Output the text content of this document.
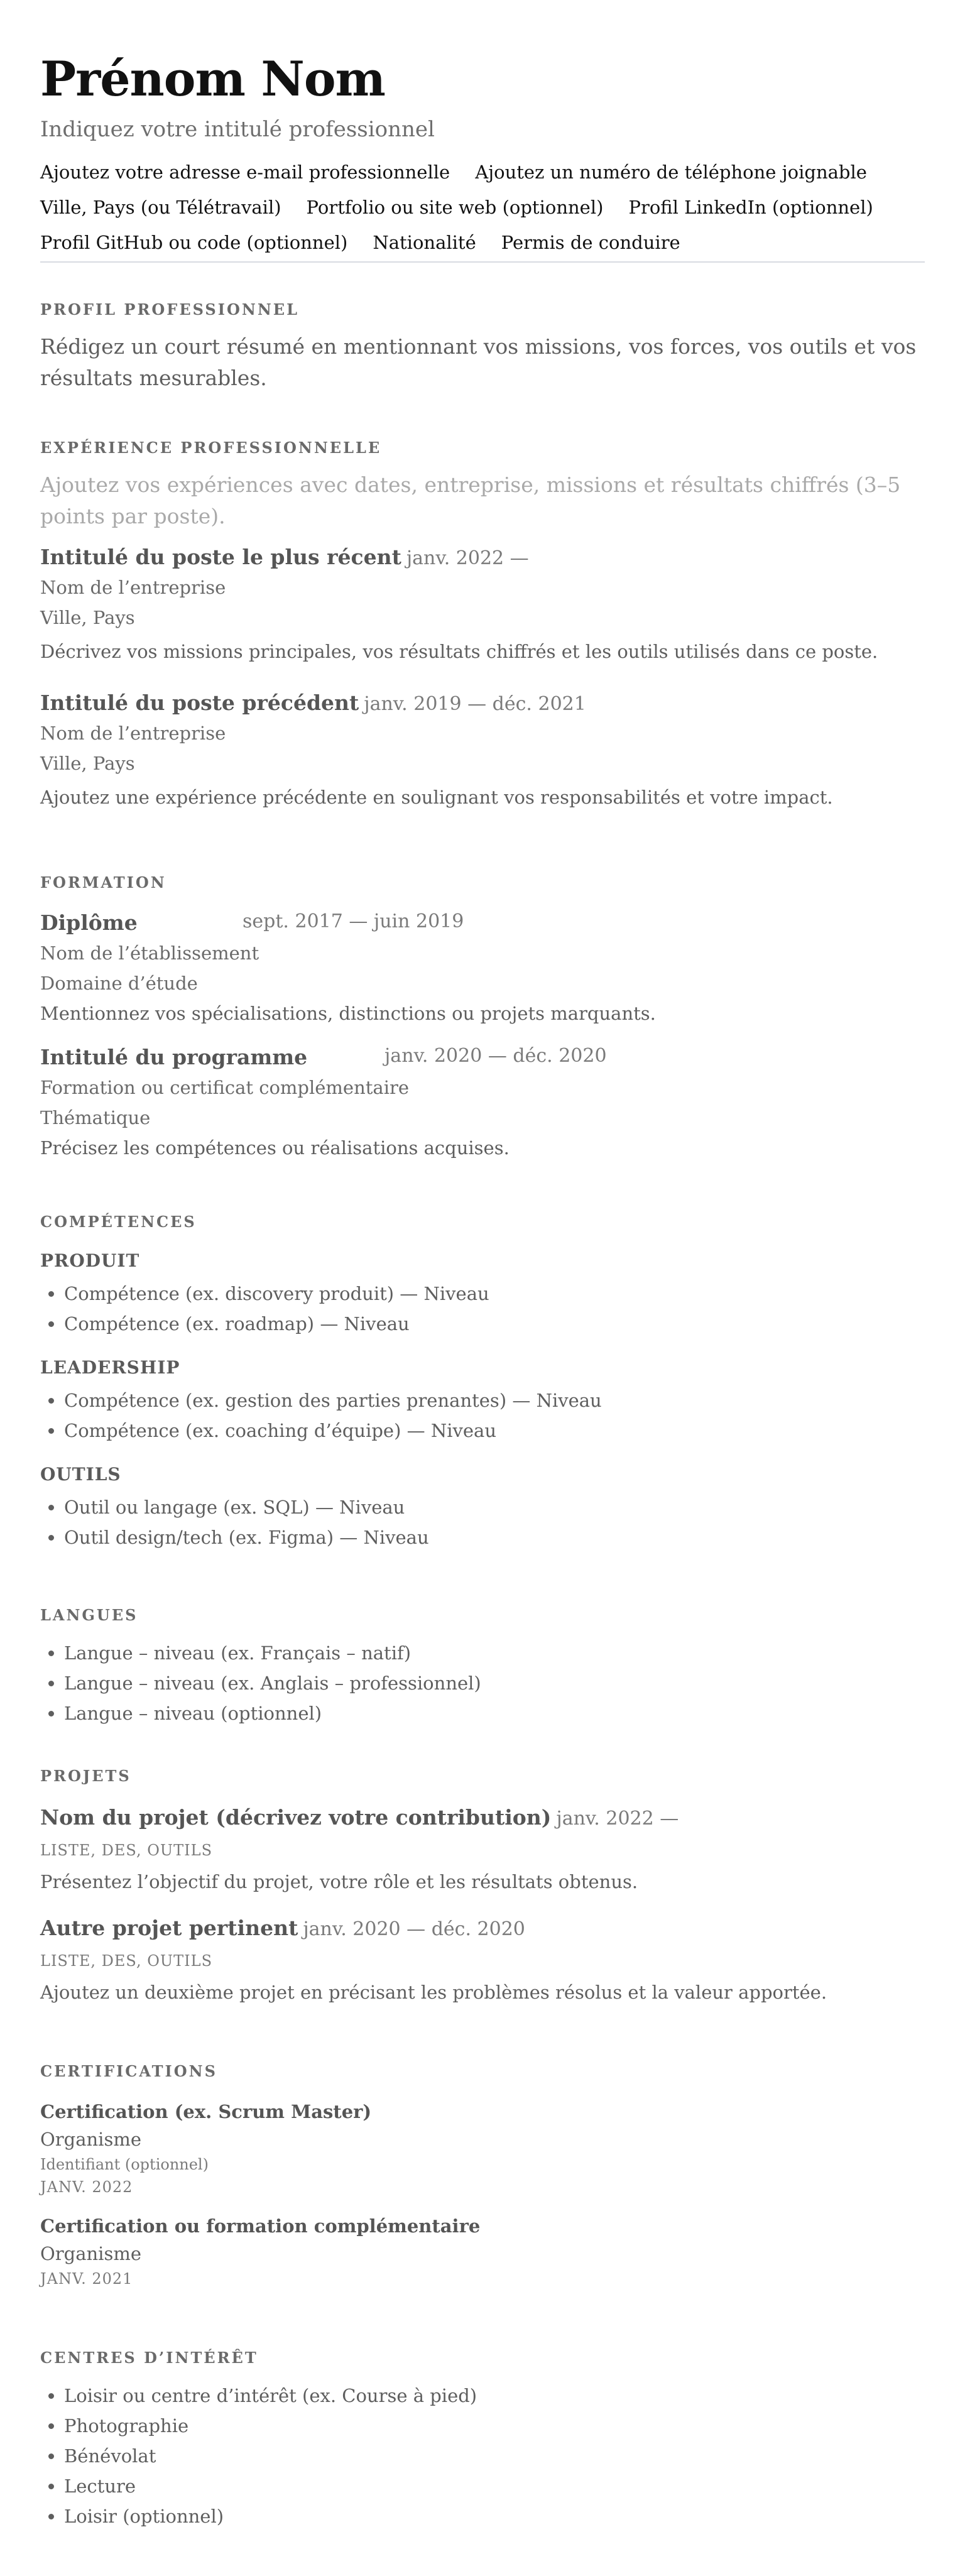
Prénom Nom
Indiquez votre intitulé professionnel
Ajoutez votre adresse e-mail professionnelle Ajoutez un numéro de téléphone joignable
Ville, Pays (ou Télétravail) Portfolio ou site web (optionnel) Profil LinkedIn (optionnel)
Profil GitHub ou code (optionnel) Nationalité Permis de conduire
PROFIL PROFESSIONNEL
Rédigez un court résumé en mentionnant vos missions, vos forces, vos outils et vos résultats mesurables.
EXPÉRIENCE PROFESSIONNELLE
Ajoutez vos expériences avec dates, entreprise, missions et résultats chiffrés (3–5 points par poste).
Intitulé du poste le plus récent janv. 2022 —
Nom de l’entreprise
Ville, Pays
Décrivez vos missions principales, vos résultats chiffrés et les outils utilisés dans ce poste.
Intitulé du poste précédent janv. 2019 — déc. 2021
Nom de l’entreprise
Ville, Pays
Ajoutez une expérience précédente en soulignant vos responsabilités et votre impact.
FORMATION
Diplôme	sept. 2017 — juin 2019
Nom de l’établissement
Domaine d’étude
Mentionnez vos spécialisations, distinctions ou projets marquants.
Intitulé du programme	janv. 2020 — déc. 2020
Formation ou certificat complémentaire
Thématique
Précisez les compétences ou réalisations acquises.
COMPÉTENCES
PRODUIT
• Compétence (ex. discovery produit) — Niveau
• Compétence (ex. roadmap) — Niveau
LEADERSHIP
• Compétence (ex. gestion des parties prenantes) — Niveau
• Compétence (ex. coaching d’équipe) — Niveau
OUTILS
• Outil ou langage (ex. SQL) — Niveau
• Outil design/tech (ex. Figma) — Niveau
LANGUES
• Langue – niveau (ex. Français – natif)
• Langue – niveau (ex. Anglais – professionnel)
• Langue – niveau (optionnel)
PROJETS
Nom du projet (décrivez votre contribution) janv. 2022 —
LISTE, DES, OUTILS
Présentez l’objectif du projet, votre rôle et les résultats obtenus.
Autre projet pertinent janv. 2020 — déc. 2020
LISTE, DES, OUTILS
Ajoutez un deuxième projet en précisant les problèmes résolus et la valeur apportée.
CERTIFICATIONS
Certification (ex. Scrum Master)
Organisme
Identifiant (optionnel)
JANV. 2022
Certification ou formation complémentaire
Organisme
JANV. 2021
CENTRES D’INTÉRÊT
• Loisir ou centre d’intérêt (ex. Course à pied)
• Photographie
• Bénévolat
• Lecture
• Loisir (optionnel)
